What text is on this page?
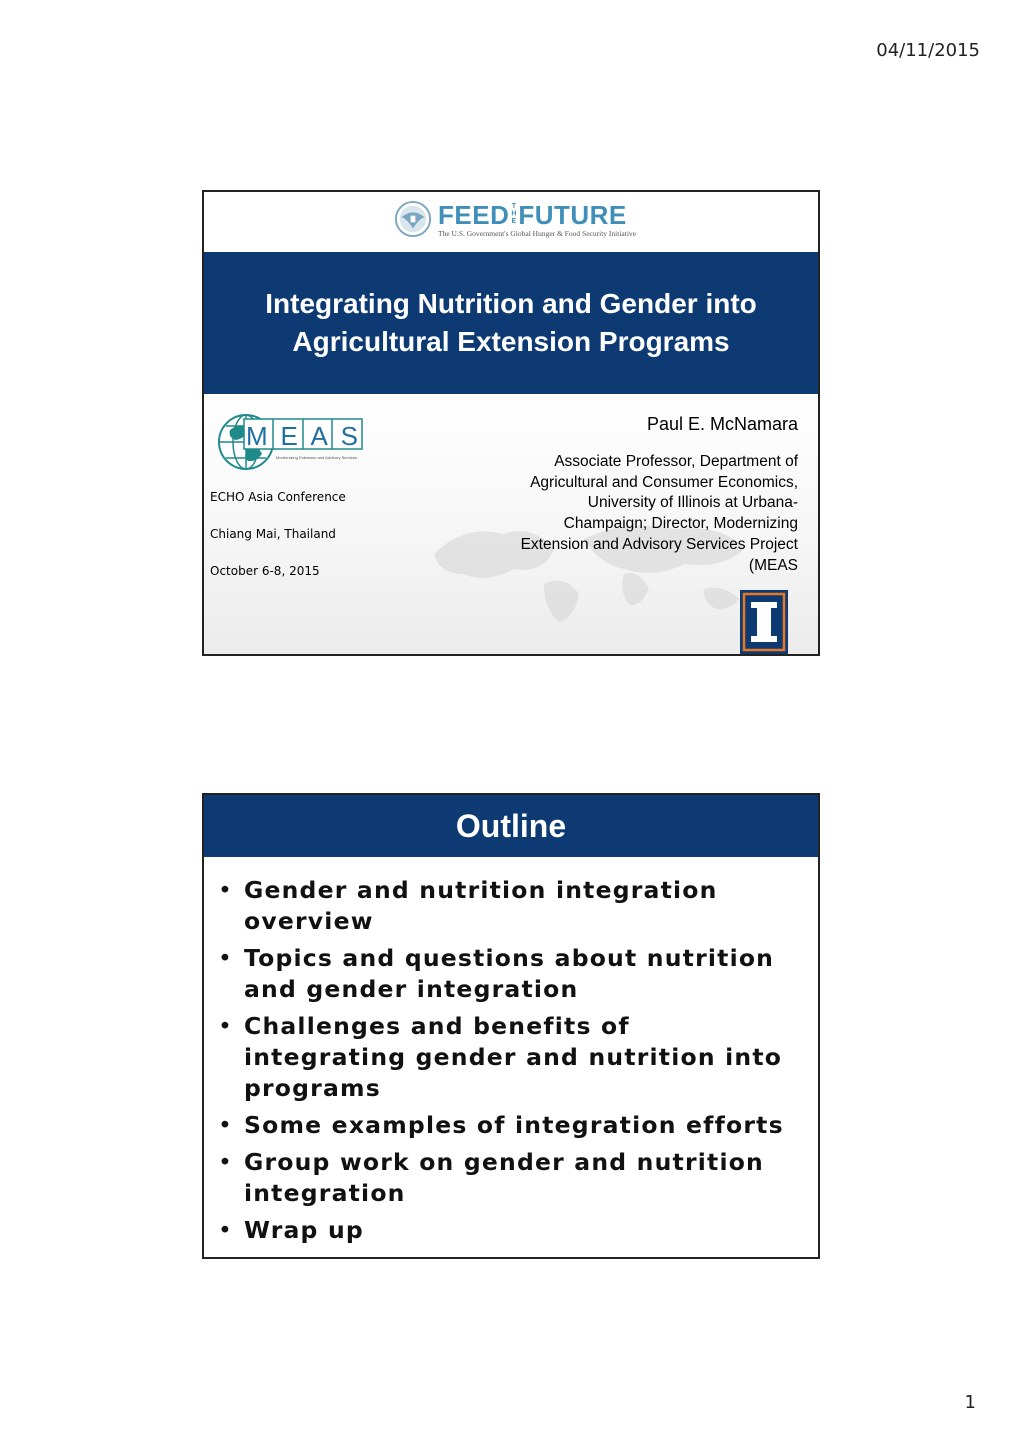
04/11/2015
FEED THE FUTURE
The U.S. Government's Global Hunger & Food Security Initiative
Integrating Nutrition and Gender into Agricultural Extension Programs
MEAS
Modernizing Extension and Advisory Services
ECHO Asia Conference
Chiang Mai, Thailand
October 6-8, 2015
Paul E. McNamara
Associate Professor, Department of Agricultural and Consumer Economics, University of Illinois at Urbana-Champaign; Director, Modernizing Extension and Advisory Services Project (MEAS
Outline
• Gender and nutrition integration overview
• Topics and questions about nutrition and gender integration
• Challenges and benefits of integrating gender and nutrition into programs
• Some examples of integration efforts
• Group work on gender and nutrition integration
• Wrap up
1
